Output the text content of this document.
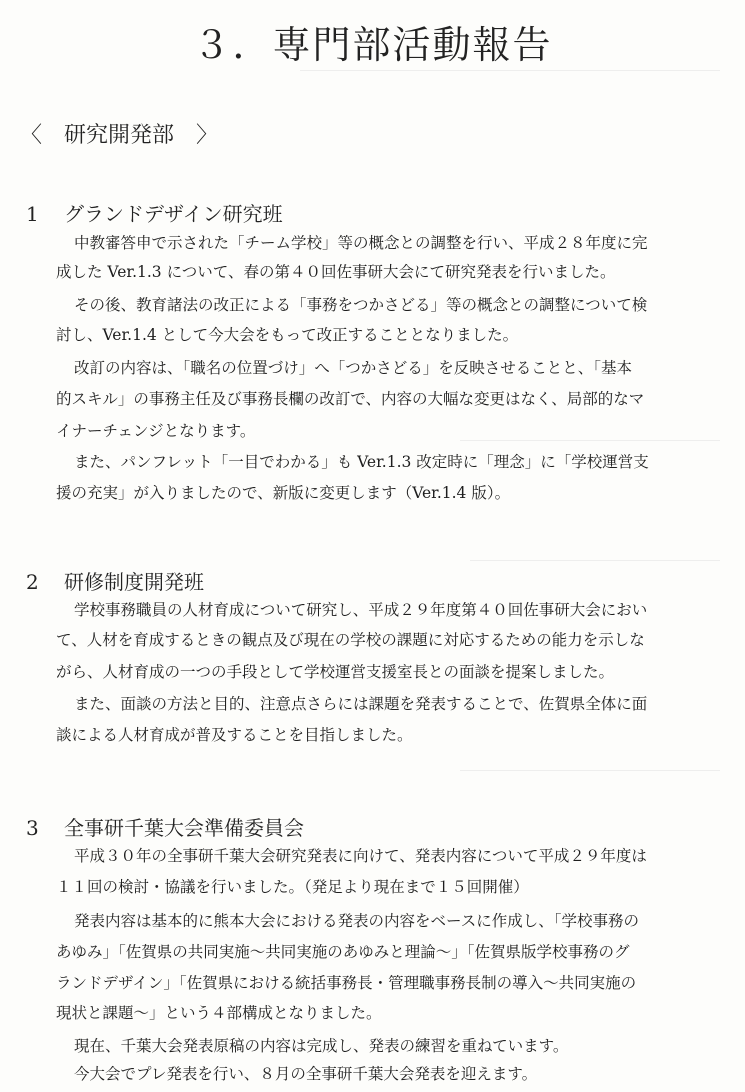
３．専門部活動報告
〈　研究開発部　〉
1 グランドデザイン研究班
中教審答申で示された「チーム学校」等の概念との調整を行い、平成２８年度に完
成した Ver.1.3 について、春の第４０回佐事研大会にて研究発表を行いました。
その後、教育諸法の改正による「事務をつかさどる」等の概念との調整について検
討し、Ver.1.4 として今大会をもって改正することとなりました。
改訂の内容は、「職名の位置づけ」へ「つかさどる」を反映させることと、「基本
的スキル」の事務主任及び事務長欄の改訂で、内容の大幅な変更はなく、局部的なマ
イナーチェンジとなります。
また、パンフレット「一目でわかる」も Ver.1.3 改定時に「理念」に「学校運営支
援の充実」が入りましたので、新版に変更します（Ver.1.4 版）。
2 研修制度開発班
学校事務職員の人材育成について研究し、平成２９年度第４０回佐事研大会におい
て、人材を育成するときの観点及び現在の学校の課題に対応するための能力を示しな
がら、人材育成の一つの手段として学校運営支援室長との面談を提案しました。
また、面談の方法と目的、注意点さらには課題を発表することで、佐賀県全体に面
談による人材育成が普及することを目指しました。
3 全事研千葉大会準備委員会
平成３０年の全事研千葉大会研究発表に向けて、発表内容について平成２９年度は
１１回の検討・協議を行いました。（発足より現在まで１５回開催）
発表内容は基本的に熊本大会における発表の内容をベースに作成し、「学校事務の
あゆみ」「佐賀県の共同実施〜共同実施のあゆみと理論〜」「佐賀県版学校事務のグ
ランドデザイン」「佐賀県における統括事務長・管理職事務長制の導入〜共同実施の
現状と課題〜」という４部構成となりました。
現在、千葉大会発表原稿の内容は完成し、発表の練習を重ねています。
今大会でプレ発表を行い、８月の全事研千葉大会発表を迎えます。
